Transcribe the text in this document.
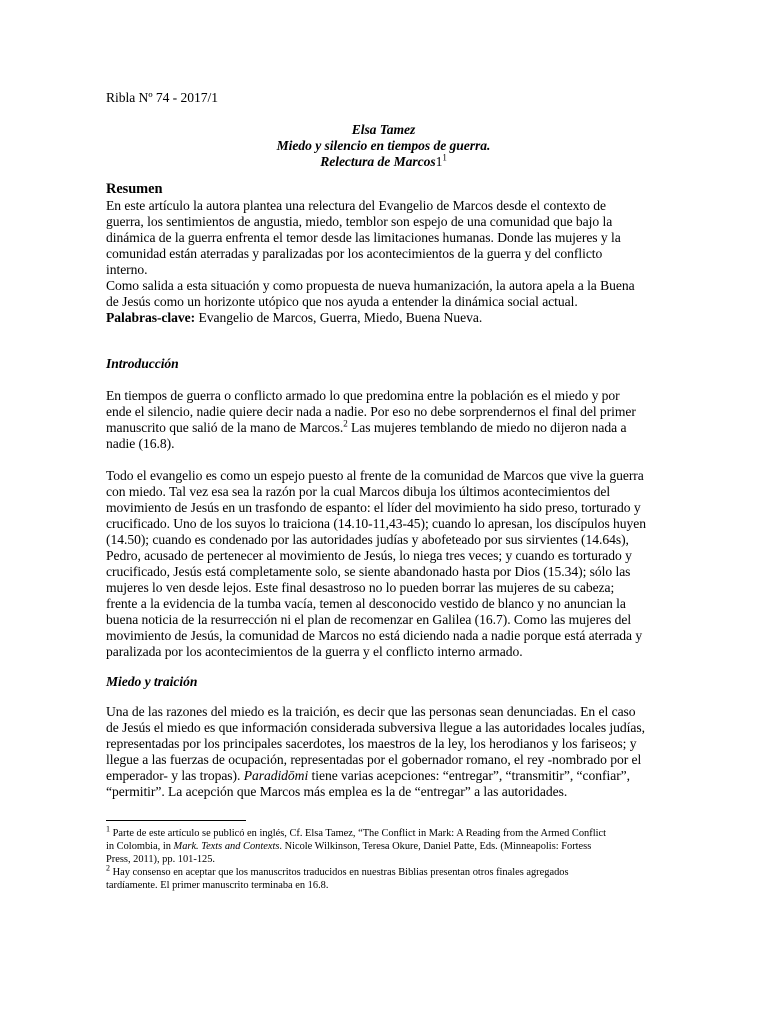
Ribla Nº 74 - 2017/1
Elsa Tamez
Miedo y silencio en tiempos de guerra.
Relectura de $Marcos1^1$
Resumen
En este artículo la autora plantea una relectura del Evangelio de Marcos desde el contexto de
guerra, los sentimientos de angustia, miedo, temblor son espejo de una comunidad que bajo la
dinámica de la guerra enfrenta el temor desde las limitaciones humanas. Donde las mujeres y la
comunidad están aterradas y paralizadas por los acontecimientos de la guerra y del conflicto
interno.
Como salida a esta situación y como propuesta de nueva humanización, la autora apela a la Buena
de Jesús como un horizonte utópico que nos ayuda a entender la dinámica social actual.
Palabras-clave: Evangelio de Marcos, Guerra, Miedo, Buena Nueva.
Introducción
En tiempos de guerra o conflicto armado lo que predomina entre la población es el miedo y por
ende el silencio, nadie quiere decir nada a nadie. Por eso no debe sorprendernos el final del primer
manuscrito que salió de la mano de Marcos.$^2$ Las mujeres temblando de miedo no dijeron nada a
nadie (16.8).
Todo el evangelio es como un espejo puesto al frente de la comunidad de Marcos que vive la guerra
con miedo. Tal vez esa sea la razón por la cual Marcos dibuja los últimos acontecimientos del
movimiento de Jesús en un trasfondo de espanto: el líder del movimiento ha sido preso, torturado y
crucificado. Uno de los suyos lo traiciona (14.10-11,43-45); cuando lo apresan, los discípulos huyen
(14.50); cuando es condenado por las autoridades judías y abofeteado por sus sirvientes (14.64s),
Pedro, acusado de pertenecer al movimiento de Jesús, lo niega tres veces; y cuando es torturado y
crucificado, Jesús está completamente solo, se siente abandonado hasta por Dios (15.34); sólo las
mujeres lo ven desde lejos. Este final desastroso no lo pueden borrar las mujeres de su cabeza;
frente a la evidencia de la tumba vacía, temen al desconocido vestido de blanco y no anuncian la
buena noticia de la resurrección ni el plan de recomenzar en Galilea (16.7). Como las mujeres del
movimiento de Jesús, la comunidad de Marcos no está diciendo nada a nadie porque está aterrada y
paralizada por los acontecimientos de la guerra y el conflicto interno armado.
Miedo y traición
Una de las razones del miedo es la traición, es decir que las personas sean denunciadas. En el caso
de Jesús el miedo es que información considerada subversiva llegue a las autoridades locales judías,
representadas por los principales sacerdotes, los maestros de la ley, los herodianos y los fariseos; y
llegue a las fuerzas de ocupación, representadas por el gobernador romano, el rey -nombrado por el
emperador- y las tropas). Paradidōmi tiene varias acepciones: “entregar”, “transmitir”, “confiar”,
“permitir”. La acepción que Marcos más emplea es la de “entregar” a las autoridades.
$^1$ Parte de este artículo se publicó en inglés, Cf. Elsa Tamez, “The Conflict in Mark: A Reading from the Armed Conflict
in Colombia, in Mark. Texts and Contexts. Nicole Wilkinson, Teresa Okure, Daniel Patte, Eds. (Minneapolis: Fortess
Press, 2011), pp. 101-125.
$^2$ Hay consenso en aceptar que los manuscritos traducidos en nuestras Biblias presentan otros finales agregados
tardíamente. El primer manuscrito terminaba en 16.8.
